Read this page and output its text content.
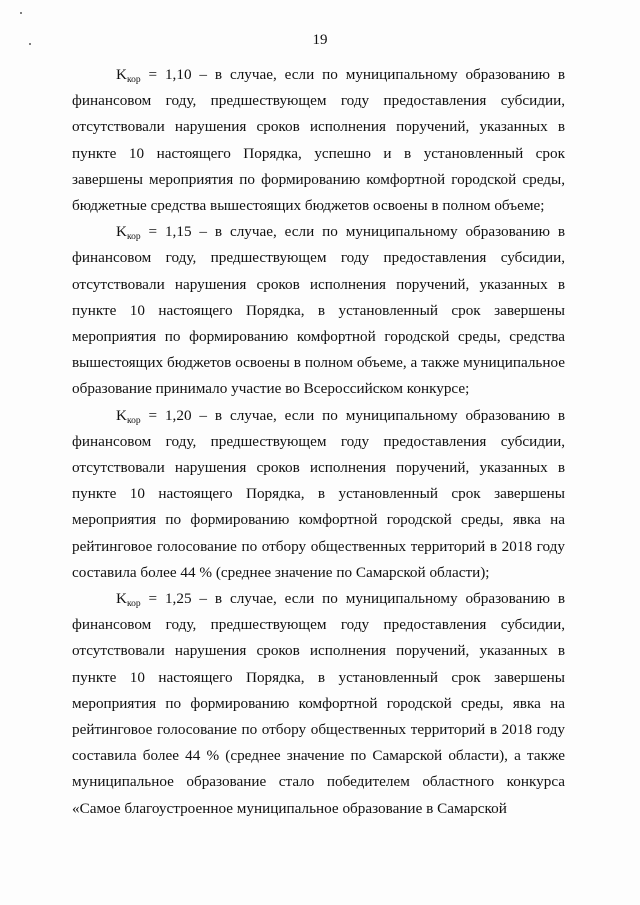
19

$K_{кор} = 1,10 - в$ случае, если по муниципальному образованию в финансовом году, предшествующем году предоставления субсидии, отсутствовали нарушения сроков исполнения поручений, указанных в пункте 10 настоящего Порядка, успешно и в установленный срок завершены мероприятия по формированию комфортной городской среды, бюджетные средства вышестоящих бюджетов освоены в полном объеме;

$K_{кор} = 1,15 - в$ случае, если по муниципальному образованию в финансовом году, предшествующем году предоставления субсидии, отсутствовали нарушения сроков исполнения поручений, указанных в пункте 10 настоящего Порядка, в установленный срок завершены мероприятия по формированию комфортной городской среды, средства вышестоящих бюджетов освоены в полном объеме, а также муниципальное образование принимало участие во Всероссийском конкурсе;

$K_{кор} = 1,20 - в$ случае, если по муниципальному образованию в финансовом году, предшествующем году предоставления субсидии, отсутствовали нарушения сроков исполнения поручений, указанных в пункте 10 настоящего Порядка, в установленный срок завершены мероприятия по формированию комфортной городской среды, явка на рейтинговое голосование по отбору общественных территорий в 2018 году составила более 44 % (среднее значение по Самарской области);

$K_{кор} = 1,25 - в$ случае, если по муниципальному образованию в финансовом году, предшествующем году предоставления субсидии, отсутствовали нарушения сроков исполнения поручений, указанных в пункте 10 настоящего Порядка, в установленный срок завершены мероприятия по формированию комфортной городской среды, явка на рейтинговое голосование по отбору общественных территорий в 2018 году составила более 44 % (среднее значение по Самарской области), а также муниципальное образование стало победителем областного конкурса «Самое благоустроенное муниципальное образование в Самарской
